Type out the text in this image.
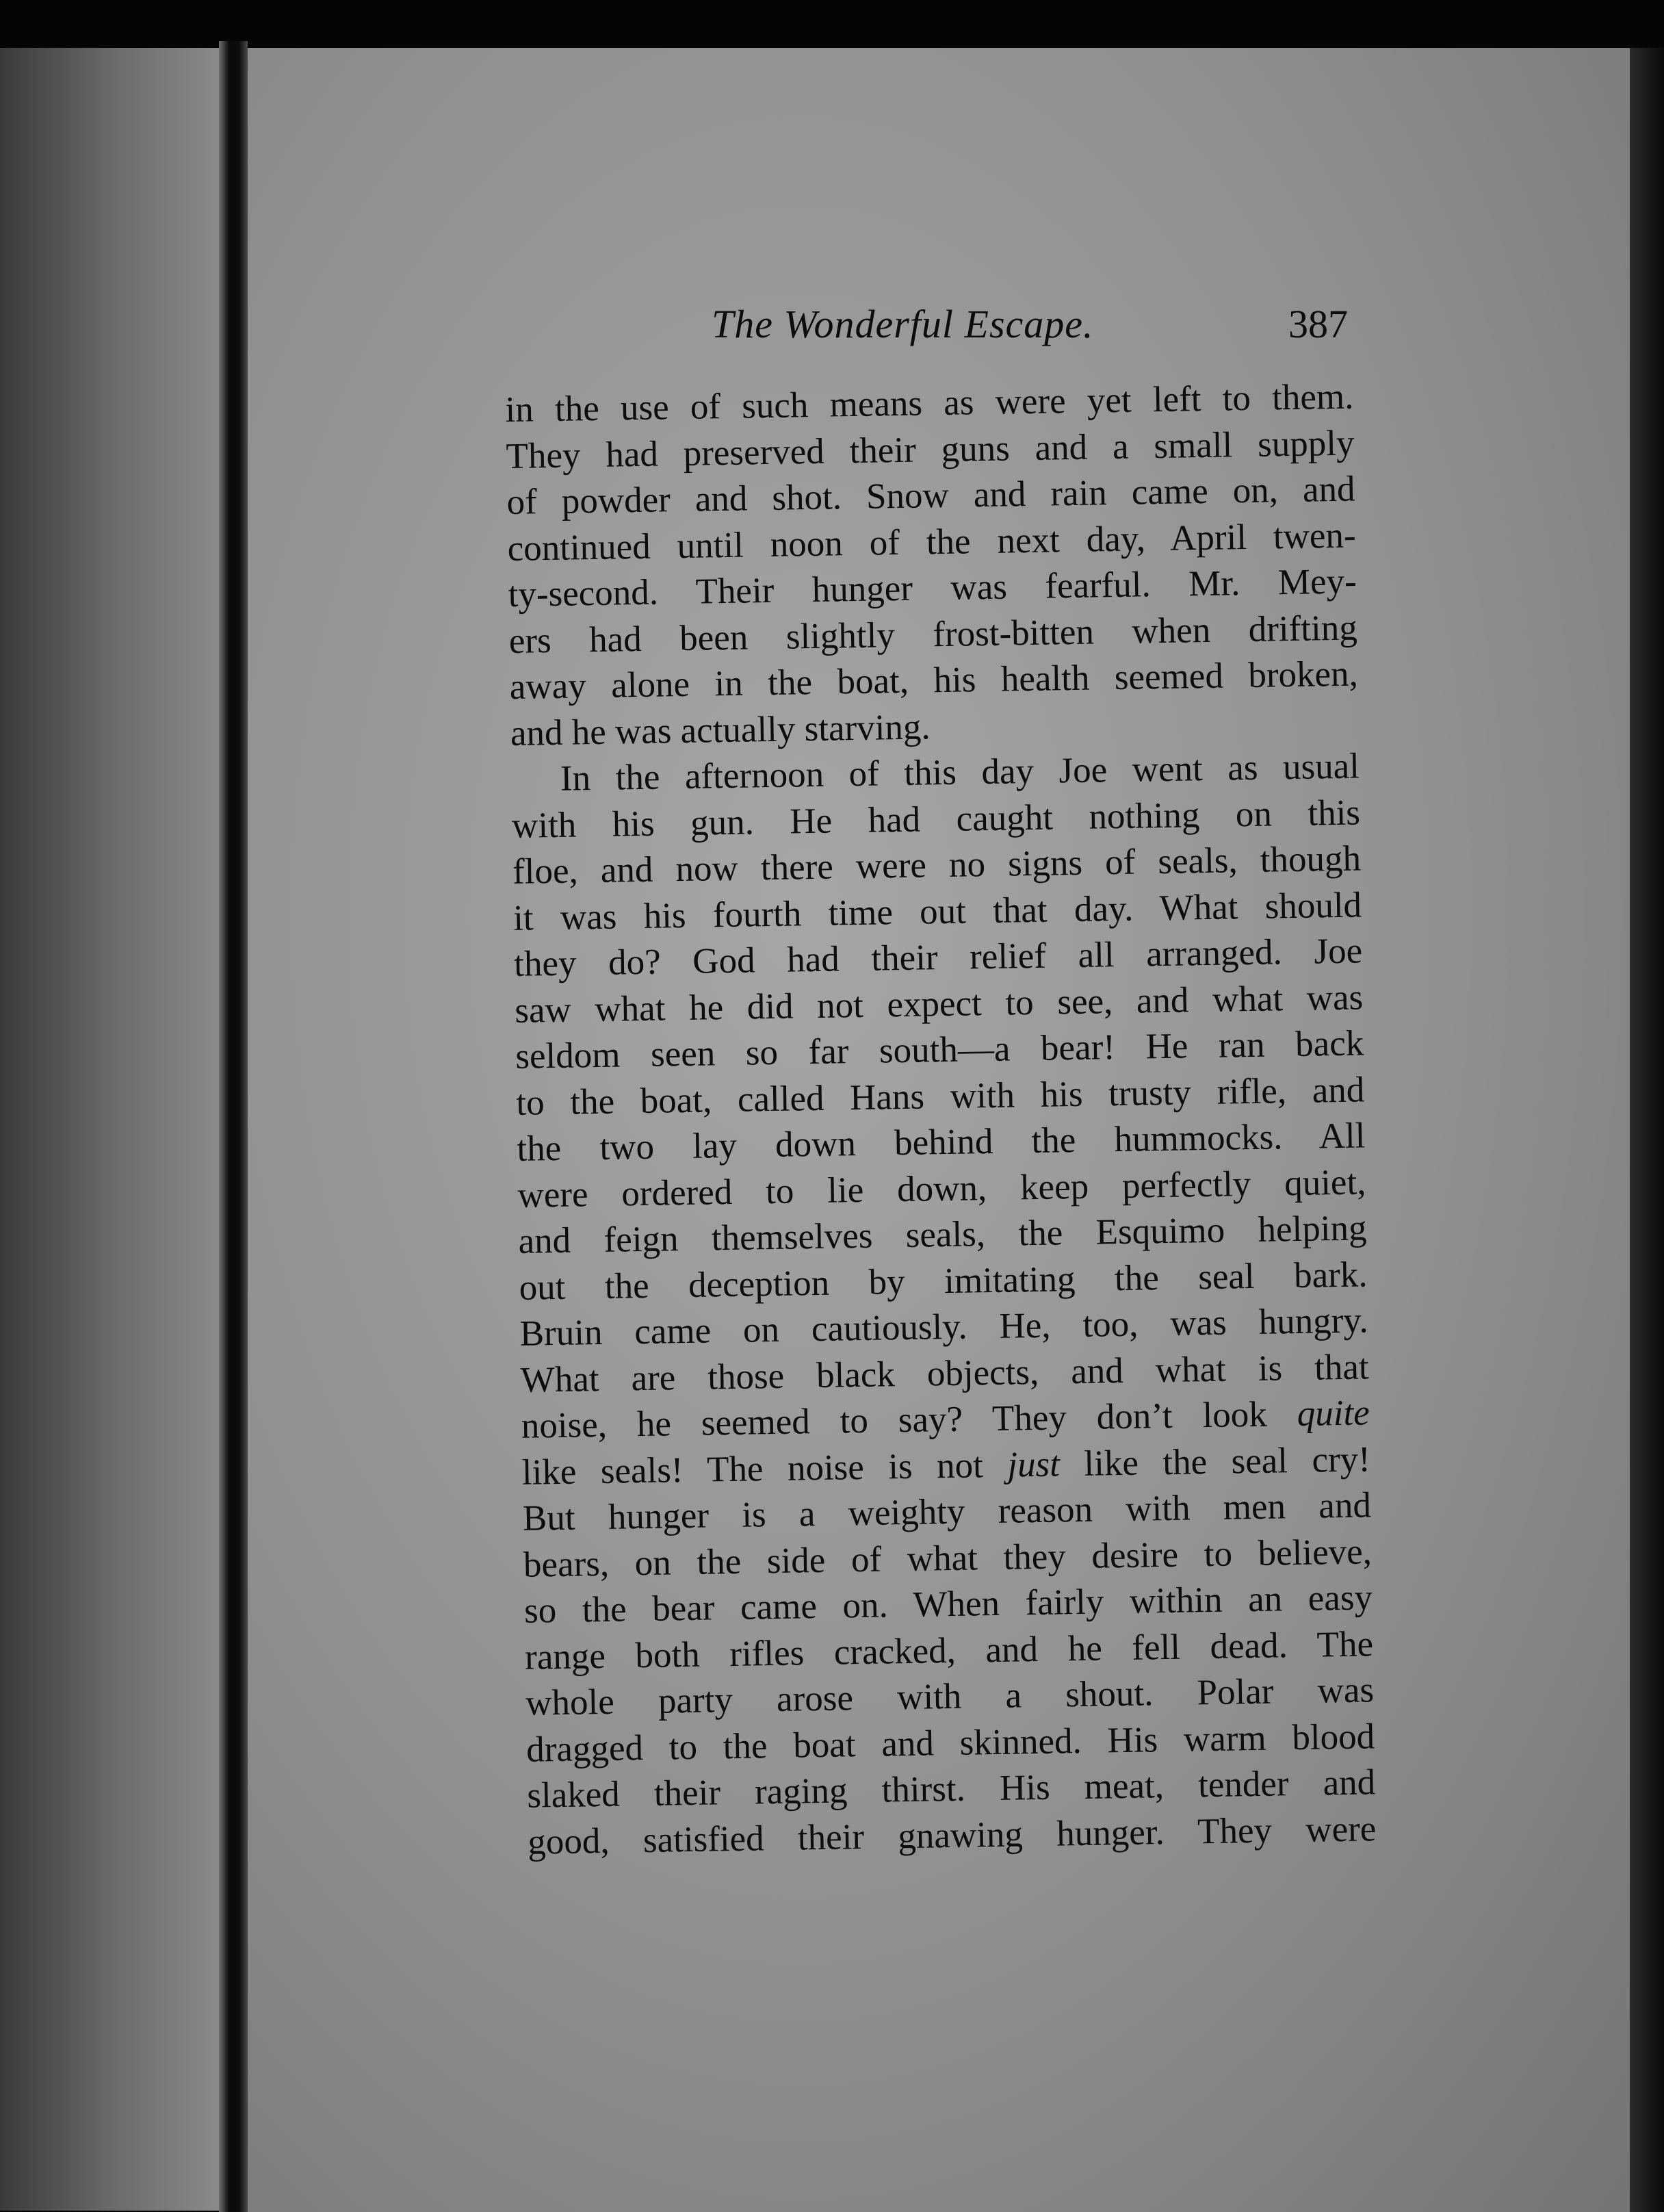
The Wonderful Escape.	387
in the use of such means as were yet left to them.
They had preserved their guns and a small supply
of powder and shot. Snow and rain came on, and
continued until noon of the next day, April twen-
ty-second. Their hunger was fearful. Mr. Mey-
ers had been slightly frost-bitten when drifting
away alone in the boat, his health seemed broken,
and he was actually starving.
In the afternoon of this day Joe went as usual
with his gun. He had caught nothing on this
floe, and now there were no signs of seals, though
it was his fourth time out that day. What should
they do? God had their relief all arranged. Joe
saw what he did not expect to see, and what was
seldom seen so far south—a bear! He ran back
to the boat, called Hans with his trusty rifle, and
the two lay down behind the hummocks. All
were ordered to lie down, keep perfectly quiet,
and feign themselves seals, the Esquimo helping
out the deception by imitating the seal bark.
Bruin came on cautiously. He, too, was hungry.
What are those black objects, and what is that
noise, he seemed to say? They don’t look quite
like seals! The noise is not just like the seal cry!
But hunger is a weighty reason with men and
bears, on the side of what they desire to believe,
so the bear came on. When fairly within an easy
range both rifles cracked, and he fell dead. The
whole party arose with a shout. Polar was
dragged to the boat and skinned. His warm blood
slaked their raging thirst. His meat, tender and
good, satisfied their gnawing hunger. They were
